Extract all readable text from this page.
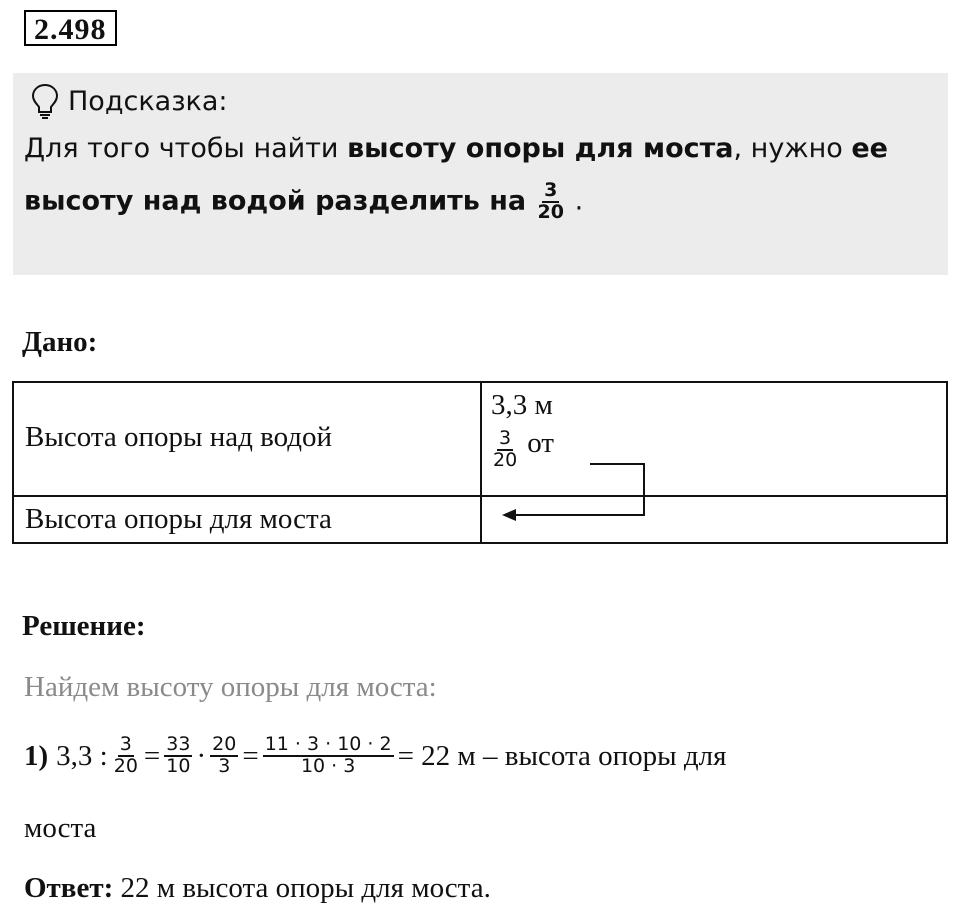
2.498
Подсказка:
Для того чтобы найти высоту опоры для моста, нужно ее
высоту над водой разделить на $\frac{3}{20}$ .
Дано:
Высота опоры над водой
3,3 м
$\frac{3}{20}$ от
Высота опоры для моста
Решение:
Найдем высоту опоры для моста:
1) 3,3 : $\frac{3}{20} = \frac{33}{10} \cdot \frac{20}{3} = \frac{11 \cdot 3 \cdot 10 \cdot 2}{10 \cdot 3} = 22$ м – высота опоры для
моста
Ответ: 22 м высота опоры для моста.
